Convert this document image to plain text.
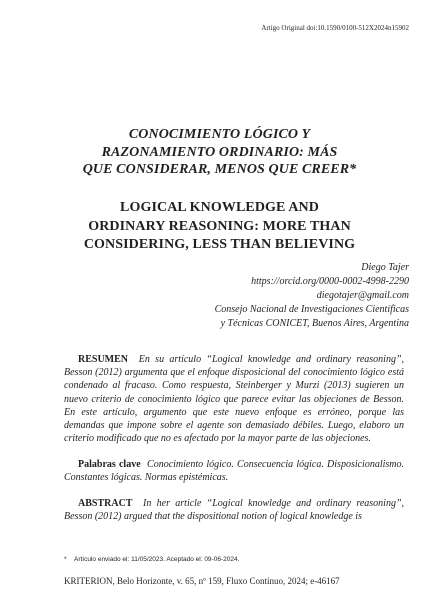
Artigo Original doi:10.1590/0100-512X2024n15902
CONOCIMIENTO LÓGICO Y
RAZONAMIENTO ORDINARIO: MÁS
QUE CONSIDERAR, MENOS QUE CREER*
LOGICAL KNOWLEDGE AND
ORDINARY REASONING: MORE THAN
CONSIDERING, LESS THAN BELIEVING
Diego Tajer
https://orcid.org/0000-0002-4998-2290
diegotajer@gmail.com
Consejo Nacional de Investigaciones Científicas
y Técnicas CONICET, Buenos Aires, Argentina
RESUMEN En su artículo “Logical knowledge and ordinary reasoning”, Besson (2012) argumenta que el enfoque disposicional del conocimiento lógico está condenado al fracaso. Como respuesta, Steinberger y Murzi (2013) sugieren un nuevo criterio de conocimiento lógico que parece evitar las objeciones de Besson. En este artículo, argumento que este nuevo enfoque es erróneo, porque las demandas que impone sobre el agente son demasiado débiles. Luego, elaboro un criterio modificado que no es afectado por la mayor parte de las objeciones.
Palabras clave Conocimiento lógico. Consecuencia lógica. Disposicionalismo. Constantes lógicas. Normas epistémicas.
ABSTRACT In her article “Logical knowledge and ordinary reasoning”, Besson (2012) argued that the dispositional notion of logical knowledge is
* Artículo enviado el: 11/05/2023. Aceptado el: 09-06-2024.
KRITERION, Belo Horizonte, v. 65, nº 159, Fluxo Contínuo, 2024; e-46167
